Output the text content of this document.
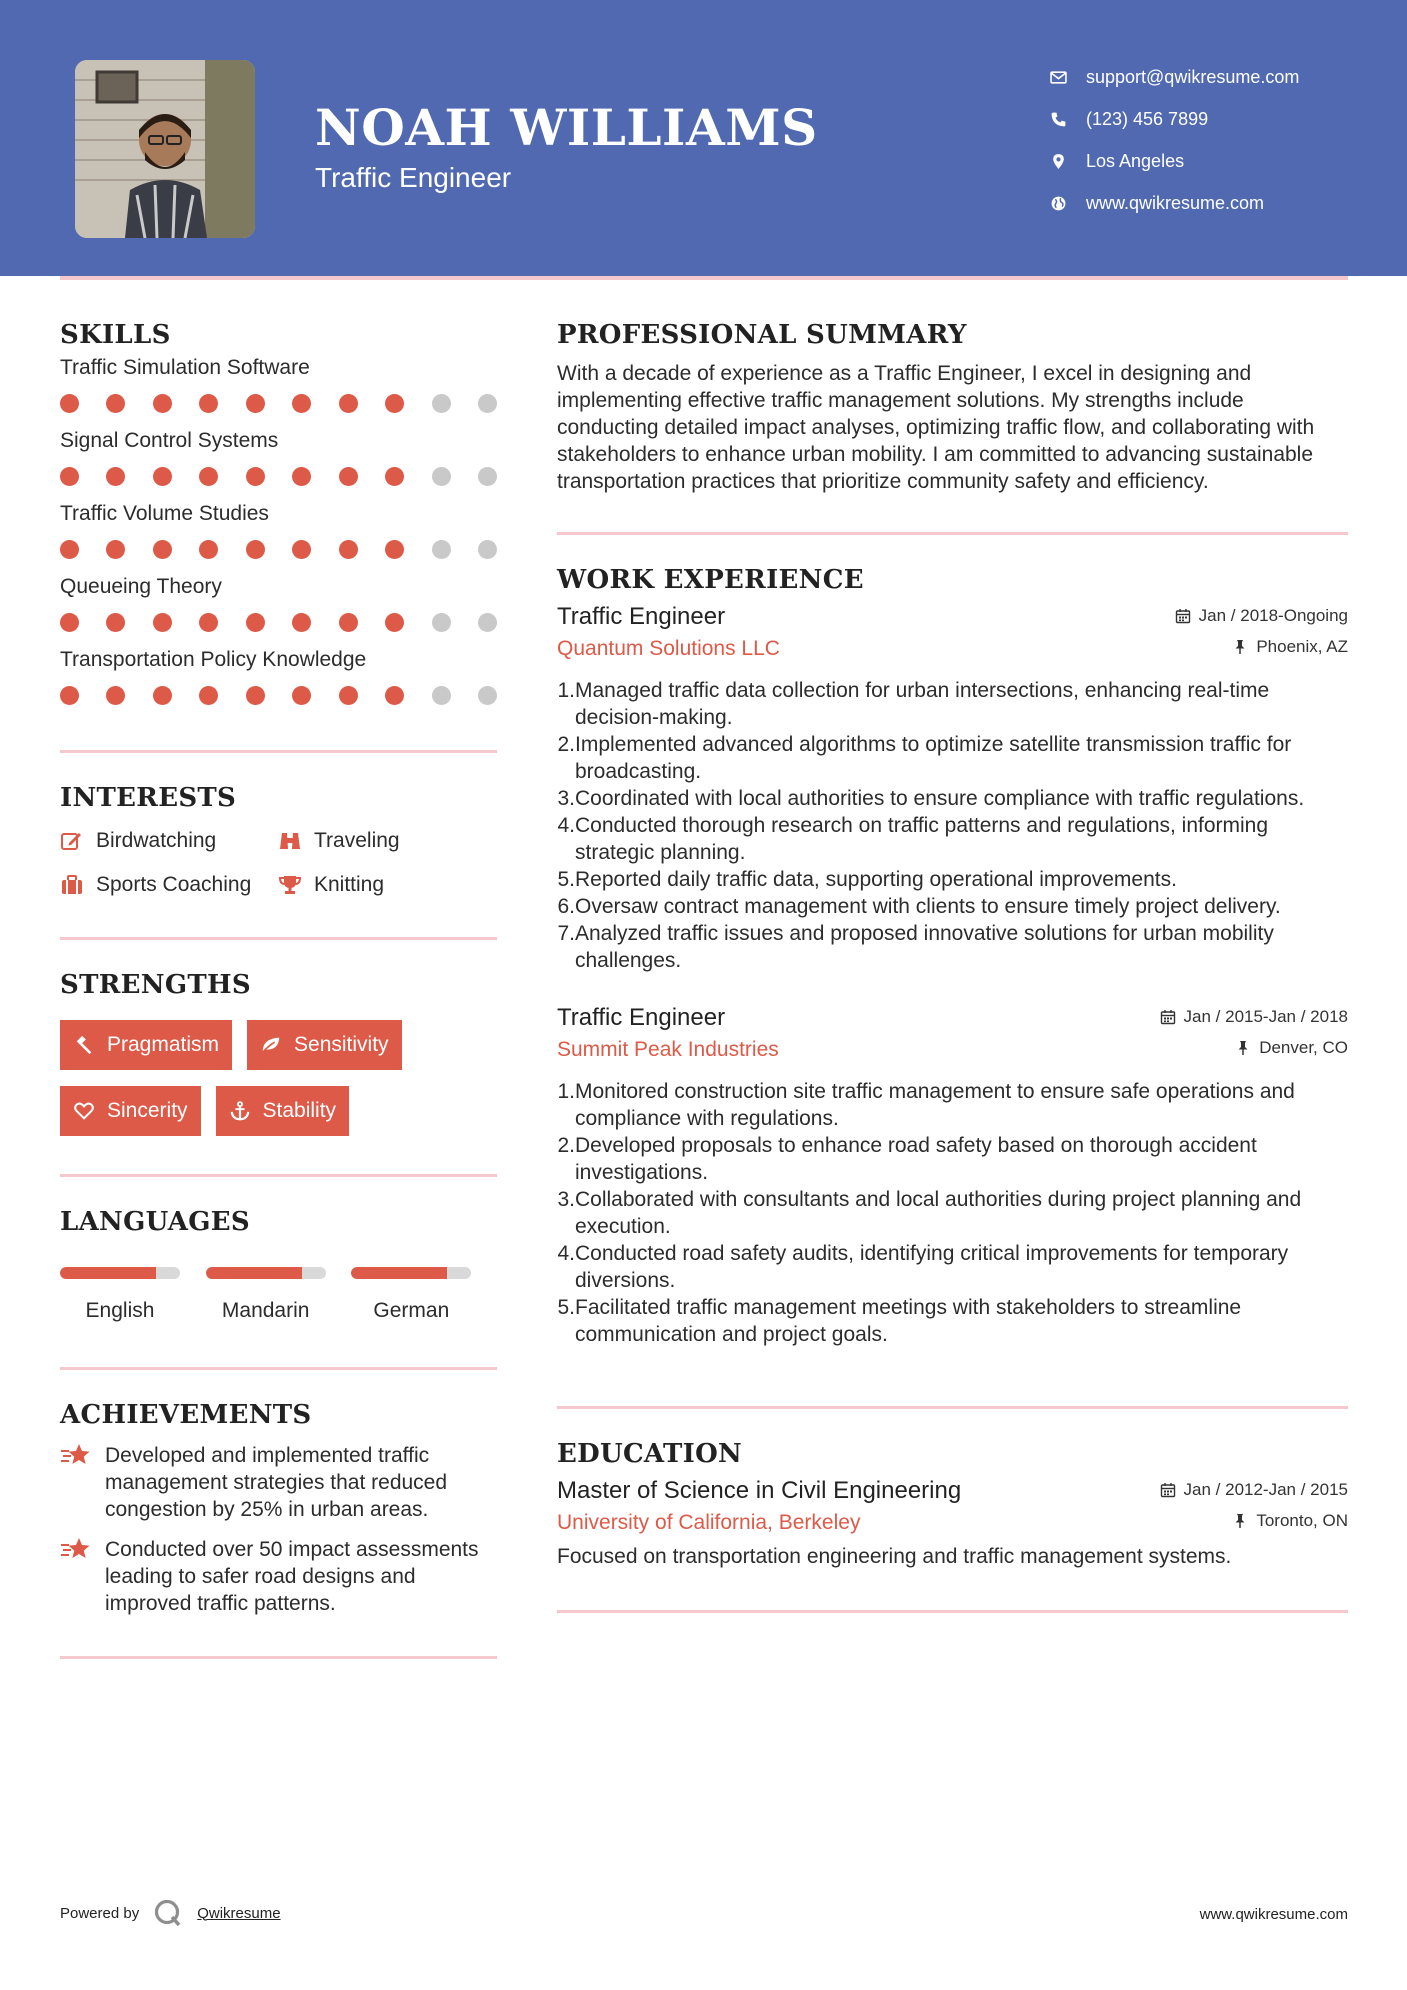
NOAH WILLIAMS
Traffic Engineer
support@qwikresume.com
(123) 456 7899
Los Angeles
www.qwikresume.com
SKILLS
Traffic Simulation Software
Signal Control Systems
Traffic Volume Studies
Queueing Theory
Transportation Policy Knowledge
INTERESTS
Birdwatching	Traveling
Sports Coaching	Knitting
STRENGTHS
Pragmatism	Sensitivity
Sincerity	Stability
LANGUAGES
English	Mandarin	German
ACHIEVEMENTS
Developed and implemented traffic management strategies that reduced congestion by 25% in urban areas.
Conducted over 50 impact assessments leading to safer road designs and improved traffic patterns.
PROFESSIONAL SUMMARY
With a decade of experience as a Traffic Engineer, I excel in designing and implementing effective traffic management solutions. My strengths include conducting detailed impact analyses, optimizing traffic flow, and collaborating with stakeholders to enhance urban mobility. I am committed to advancing sustainable transportation practices that prioritize community safety and efficiency.
WORK EXPERIENCE
Traffic Engineer	Jan / 2018-Ongoing
Quantum Solutions LLC	Phoenix, AZ
1. Managed traffic data collection for urban intersections, enhancing real-time decision-making.
2. Implemented advanced algorithms to optimize satellite transmission traffic for broadcasting.
3. Coordinated with local authorities to ensure compliance with traffic regulations.
4. Conducted thorough research on traffic patterns and regulations, informing strategic planning.
5. Reported daily traffic data, supporting operational improvements.
6. Oversaw contract management with clients to ensure timely project delivery.
7. Analyzed traffic issues and proposed innovative solutions for urban mobility challenges.
Traffic Engineer	Jan / 2015-Jan / 2018
Summit Peak Industries	Denver, CO
1. Monitored construction site traffic management to ensure safe operations and compliance with regulations.
2. Developed proposals to enhance road safety based on thorough accident investigations.
3. Collaborated with consultants and local authorities during project planning and execution.
4. Conducted road safety audits, identifying critical improvements for temporary diversions.
5. Facilitated traffic management meetings with stakeholders to streamline communication and project goals.
EDUCATION
Master of Science in Civil Engineering	Jan / 2012-Jan / 2015
University of California, Berkeley	Toronto, ON
Focused on transportation engineering and traffic management systems.
Powered by	Qwikresume	www.qwikresume.com
